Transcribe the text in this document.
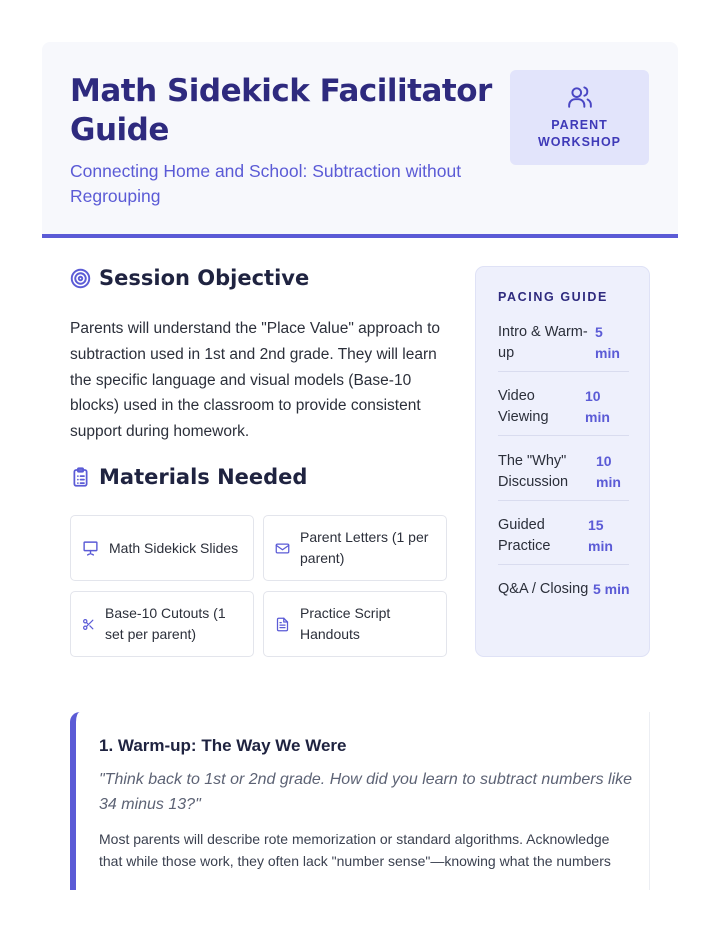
Math Sidekick Facilitator Guide
Connecting Home and School: Subtraction without Regrouping
PARENT WORKSHOP
Session Objective
Parents will understand the "Place Value" approach to subtraction used in 1st and 2nd grade. They will learn the specific language and visual models (Base-10 blocks) used in the classroom to provide consistent support during homework.
Materials Needed
Math Sidekick Slides
Parent Letters (1 per parent)
Base-10 Cutouts (1 set per parent)
Practice Script Handouts
PACING GUIDE
Intro & Warm-up
5 min
Video Viewing
10 min
The "Why" Discussion
10 min
Guided Practice
15 min
Q&A / Closing 5 min
1. Warm-up: The Way We Were
"Think back to 1st or 2nd grade. How did you learn to subtract numbers like 34 minus 13?"
Most parents will describe rote memorization or standard algorithms. Acknowledge that while those work, they often lack "number sense"—knowing what the numbers
